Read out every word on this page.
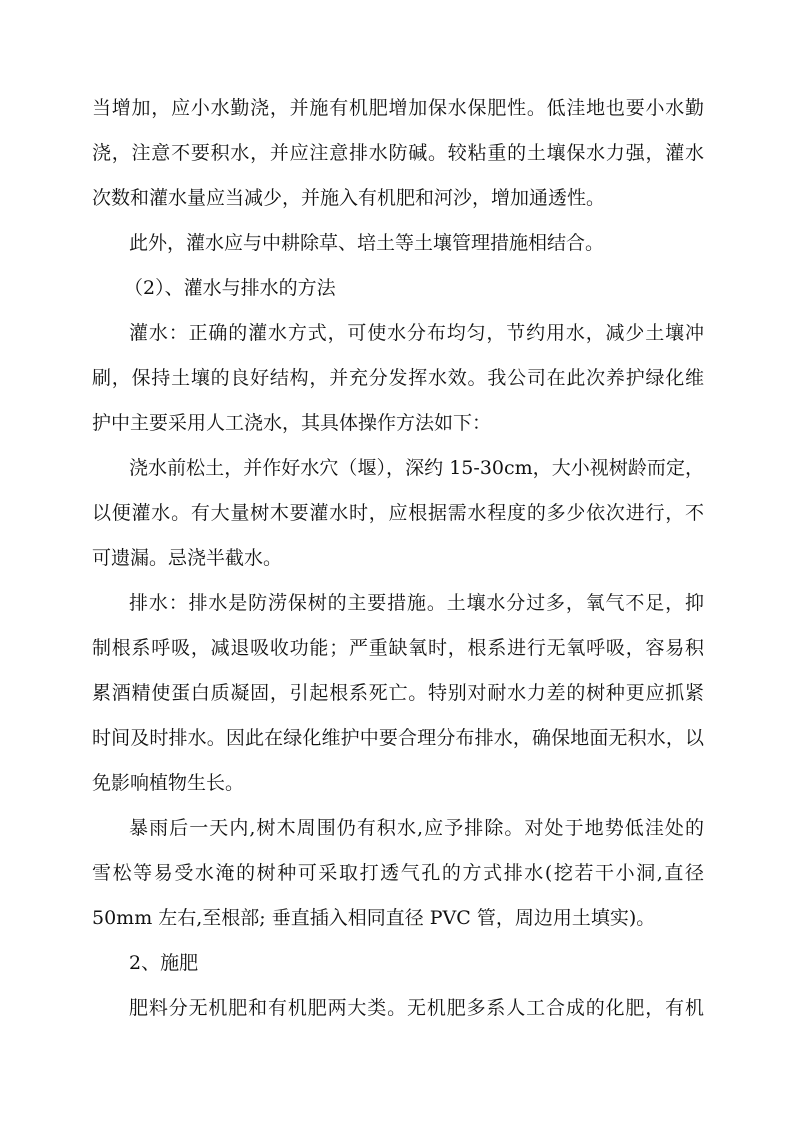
当增加，应小水勤浇，并施有机肥增加保水保肥性。低洼地也要小水勤
浇，注意不要积水，并应注意排水防碱。较粘重的土壤保水力强，灌水
次数和灌水量应当减少，并施入有机肥和河沙，增加通透性。
此外，灌水应与中耕除草、培土等土壤管理措施相结合。
（2）、灌水与排水的方法
灌水：正确的灌水方式，可使水分布均匀，节约用水，减少土壤冲
刷，保持土壤的良好结构，并充分发挥水效。我公司在此次养护绿化维
护中主要采用人工浇水，其具体操作方法如下：
浇水前松土，并作好水穴（堰），深约 15-30cm，大小视树龄而定，
以便灌水。有大量树木要灌水时，应根据需水程度的多少依次进行，不
可遗漏。忌浇半截水。
排水：排水是防涝保树的主要措施。土壤水分过多，氧气不足，抑
制根系呼吸，减退吸收功能；严重缺氧时，根系进行无氧呼吸，容易积
累酒精使蛋白质凝固，引起根系死亡。特别对耐水力差的树种更应抓紧
时间及时排水。因此在绿化维护中要合理分布排水，确保地面无积水，以
免影响植物生长。
暴雨后一天内,树木周围仍有积水,应予排除。对处于地势低洼处的
雪松等易受水淹的树种可采取打透气孔的方式排水(挖若干小洞,直径
50mm 左右,至根部; 垂直插入相同直径 PVC 管，周边用土填实)。
2、施肥
肥料分无机肥和有机肥两大类。无机肥多系人工合成的化肥，有机
